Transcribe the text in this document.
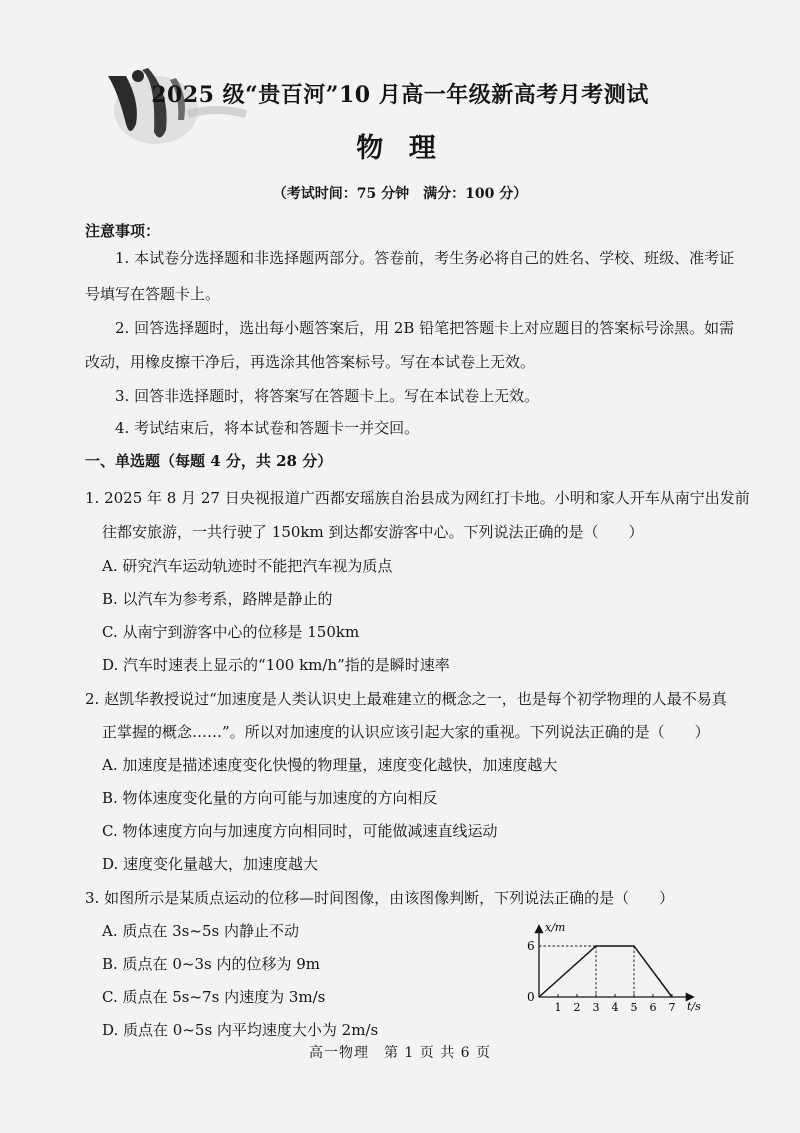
2025 级“贵百河”10 月高一年级新高考月考测试
物 理
（考试时间：75 分钟　满分：100 分）
注意事项：
1. 本试卷分选择题和非选择题两部分。答卷前，考生务必将自己的姓名、学校、班级、准考证
号填写在答题卡上。
2. 回答选择题时，选出每小题答案后，用 2B 铅笔把答题卡上对应题目的答案标号涂黑。如需
改动，用橡皮擦干净后，再选涂其他答案标号。写在本试卷上无效。
3. 回答非选择题时，将答案写在答题卡上。写在本试卷上无效。
4. 考试结束后，将本试卷和答题卡一并交回。
一、单选题（每题 4 分，共 28 分）
1. 2025 年 8 月 27 日央视报道广西都安瑶族自治县成为网红打卡地。小明和家人开车从南宁出发前
往都安旅游，一共行驶了 150km 到达都安游客中心。下列说法正确的是（　　）
A. 研究汽车运动轨迹时不能把汽车视为质点
B. 以汽车为参考系，路牌是静止的
C. 从南宁到游客中心的位移是 150km
D. 汽车时速表上显示的“100 km/h”指的是瞬时速率
2. 赵凯华教授说过“加速度是人类认识史上最难建立的概念之一，也是每个初学物理的人最不易真
正掌握的概念……”。所以对加速度的认识应该引起大家的重视。下列说法正确的是（　　）
A. 加速度是描述速度变化快慢的物理量，速度变化越快，加速度越大
B. 物体速度变化量的方向可能与加速度的方向相反
C. 物体速度方向与加速度方向相同时，可能做减速直线运动
D. 速度变化量越大，加速度越大
3. 如图所示是某质点运动的位移—时间图像，由该图像判断，下列说法正确的是（　　）
A. 质点在 3s~5s 内静止不动
B. 质点在 0~3s 内的位移为 9m
C. 质点在 5s~7s 内速度为 3m/s
D. 质点在 0~5s 内平均速度大小为 2m/s
x/m
t/s
0
6
1 2 3 4 5 6 7
高一物理　第 1 页 共 6 页
